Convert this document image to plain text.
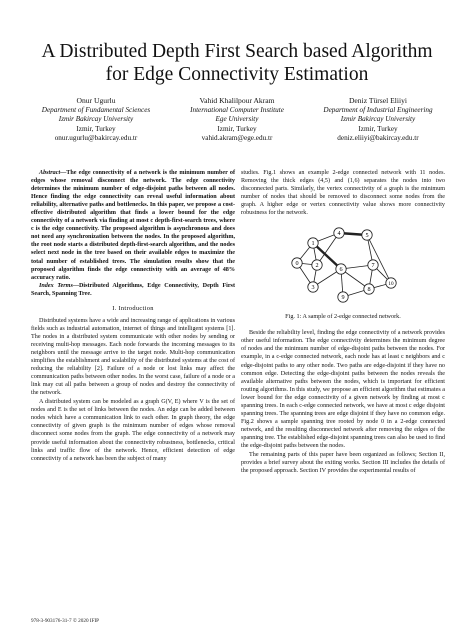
A Distributed Depth First Search based Algorithm
for Edge Connectivity Estimation
Onur Ugurlu
Department of Fundamental Sciences
Izmir Bakircay University
Izmir, Turkey
onur.ugurlu@bakircay.edu.tr
Vahid Khalilpour Akram
International Computer Institute
Ege University
Izmir, Turkey
vahid.akram@ege.edu.tr
Deniz Türsel Eliiyi
Department of Industrial Engineering
Izmir Bakircay University
Izmir, Turkey
deniz.eliiyi@bakircay.edu.tr

Abstract—The edge connectivity of a network is the minimum number of edges whose removal disconnect the network. The edge connectivity determines the minimum number of edge-disjoint paths between all nodes. Hence finding the edge connectivity can reveal useful information about reliability, alternative paths and bottlenecks. In this paper, we propose a cost-effective distributed algorithm that finds a lower bound for the edge connectivity of a network via finding at most c depth-first-search trees, where c is the edge connectivity. The proposed algorithm is asynchronous and does not need any synchronization between the nodes. In the proposed algorithm, the root node starts a distributed depth-first-search algorithm, and the nodes select next node in the tree based on their available edges to maximize the total number of established trees. The simulation results show that the proposed algorithm finds the edge connectivity with an average of 48% accuracy ratio.

Index Terms—Distributed Algorithms, Edge Connectivity, Depth First Search, Spanning Tree.

I. Introduction

Distributed systems have a wide and increasing range of applications in various fields such as industrial automation, internet of things and intelligent systems [1]. The nodes in a distributed system communicate with other nodes by sending or receiving multi-hop messages. Each node forwards the incoming messages to its neighbors until the message arrive to the target node. Multi-hop communication simplifies the establishment and scalability of the distributed systems at the cost of reducing the reliability [2]. Failure of a node or lost links may affect the communication paths between other nodes. In the worst case, failure of a node or a link may cut all paths between a group of nodes and destroy the connectivity of the network.

A distributed system can be modeled as a graph G(V, E) where V is the set of nodes and E is the set of links between the nodes. An edge can be added between nodes which have a communication link to each other. In graph theory, the edge connectivity of given graph is the minimum number of edges whose removal disconnect some nodes from the graph. The edge connectivity of a network may provide useful information about the connectivity robustness, bottlenecks, critical links and traffic flow of the network. Hence, efficient detection of edge connectivity of a network has been the subject of many

978-3-903176-31-7 © 2020 IFIP

studies. Fig.1 shows an example 2-edge connected network with 11 nodes. Removing the thick edges (4,5) and (1,6) separates the nodes into two disconnected parts. Similarly, the vertex connectivity of a graph is the minimum number of nodes that should be removed to disconnect some nodes from the graph. A higher edge or vertex connectivity value shows more connectivity robustness for the network.

0
1
2
3
4	5
6
7
8
9
10
Fig. 1: A sample of 2-edge connected network.

Beside the reliability level, finding the edge connectivity of a network provides other useful information. The edge connectivity determines the minimum degree of nodes and the minimum number of edge-disjoint paths between the nodes. For example, in a c-edge connected network, each node has at least c neighbors and c edge-disjoint paths to any other node. Two paths are edge-disjoint if they have no common edge. Detecting the edge-disjoint paths between the nodes reveals the available alternative paths between the nodes, which is important for efficient routing algorithms. In this study, we propose an efficient algorithm that estimates a lower bound for the edge connectivity of a given network by finding at most c spanning trees. In each c-edge connected network, we have at most c edge disjoint spanning trees. The spanning trees are edge disjoint if they have no common edge. Fig.2 shows a sample spanning tree rooted by node 0 in a 2-edge connected network, and the resulting disconnected network after removing the edges of the spanning tree. The established edge-disjoint spanning trees can also be used to find the edge-disjoint paths between the nodes.

The remaining parts of this paper have been organized as follows; Section II, provides a brief survey about the exiting works. Section III includes the details of the proposed approach. Section IV provides the experimental results of
